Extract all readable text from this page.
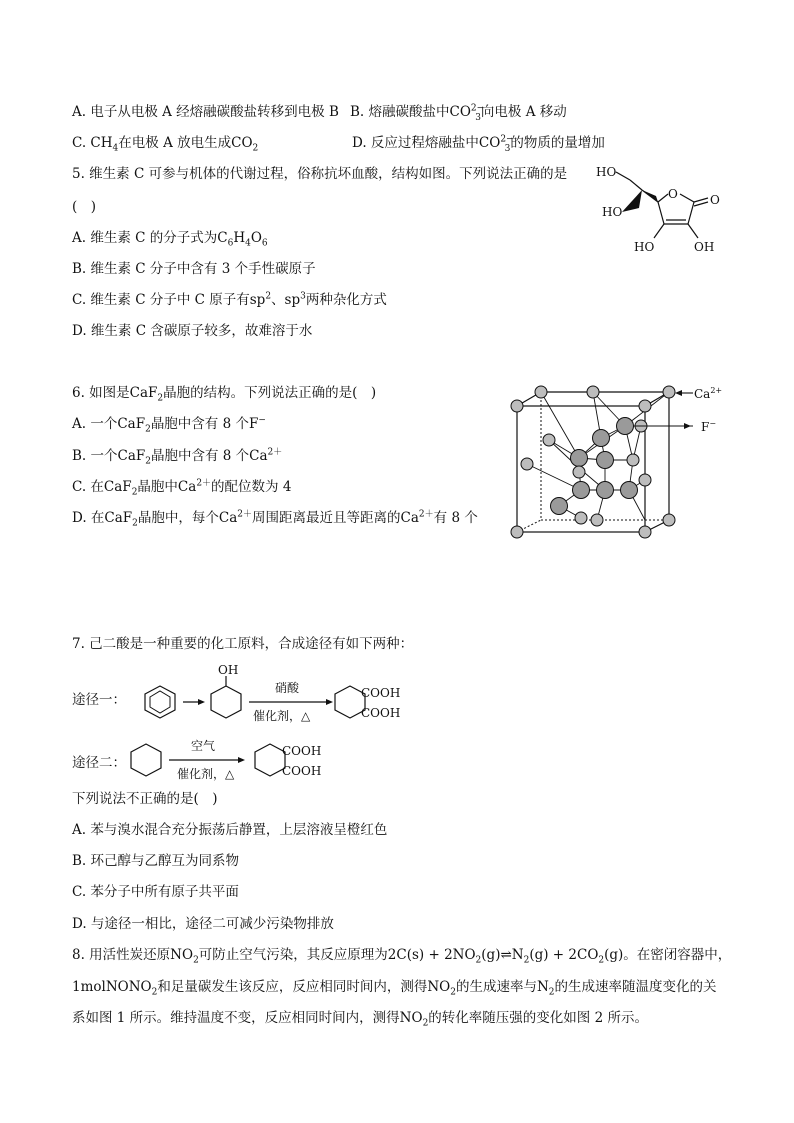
A. 电子从电极 A 经熔融碳酸盐转移到电极 B B. 熔融碳酸盐中$CO^{2-}_3$向电极 A 移动
C. $CH_4$在电极 A 放电生成$CO_2$	D. 反应过程熔融盐中$CO^{2-}_3$的物质的量增加
5. 维生素 C 可参与机体的代谢过程，俗称抗坏血酸，结构如图。下列说法正确的是
(　)
A. 维生素 C 的分子式为$C_6H_4O_6$
B. 维生素 C 分子中含有 3 个手性碳原子
C. 维生素 C 分子中 C 原子有$sp^2$、$sp^3$两种杂化方式
D. 维生素 C 含碳原子较多，故难溶于水
HO
HO
O	O
HO	OH
6. 如图是CaF$_2$晶胞的结构。下列说法正确的是(　)
A. 一个CaF$_2$晶胞中含有 8 个F−
B. 一个CaF$_2$晶胞中含有 8 个$Ca^{2+}$
C. 在CaF$_2$晶胞中$Ca^{2+}$的配位数为 4
D. 在CaF$_2$晶胞中，每个$Ca^{2+}$周围距离最近且等距离的$Ca^{2+}$有 8 个
$Ca^{2+}$
F−
7. 己二酸是一种重要的化工原料，合成途径有如下两种：
途径一：
OH
硝酸
催化剂，△
COOH
COOH
途径二：
空气
催化剂，△
COOH
COOH
下列说法不正确的是(　)
A. 苯与溴水混合充分振荡后静置，上层溶液呈橙红色
B. 环己醇与乙醇互为同系物
C. 苯分子中所有原子共平面
D. 与途径一相比，途径二可减少污染物排放
8. 用活性炭还原$NO_2$可防止空气污染，其反应原理为$2C(s) + 2NO_2(g)\rightleftharpoons N_2(g) + 2CO_2(g)$。在密闭容器中，
1molNONO$_2$和足量碳发生该反应，反应相同时间内，测得$NO_2$的生成速率与$N_2$的生成速率随温度变化的关
系如图 1 所示。维持温度不变，反应相同时间内，测得$NO_2$的转化率随压强的变化如图 2 所示。
